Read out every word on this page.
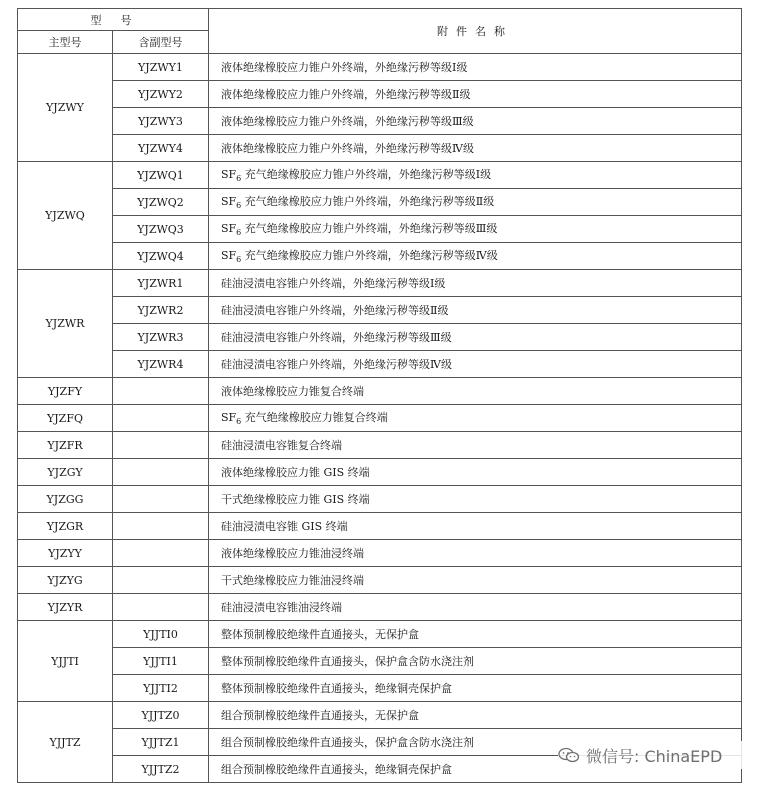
型　号		附件名称
主型号	含副型号	
YJZWY	YJZWY1	液体绝缘橡胶应力锥户外终端，外绝缘污秽等级Ⅰ级
	YJZWY2	液体绝缘橡胶应力锥户外终端，外绝缘污秽等级Ⅱ级
	YJZWY3	液体绝缘橡胶应力锥户外终端，外绝缘污秽等级Ⅲ级
	YJZWY4	液体绝缘橡胶应力锥户外终端，外绝缘污秽等级Ⅳ级
YJZWQ	YJZWQ1	$SF_6$ 充气绝缘橡胶应力锥户外终端，外绝缘污秽等级Ⅰ级
	YJZWQ2	$SF_6$ 充气绝缘橡胶应力锥户外终端，外绝缘污秽等级Ⅱ级
	YJZWQ3	$SF_6$ 充气绝缘橡胶应力锥户外终端，外绝缘污秽等级Ⅲ级
	YJZWQ4	$SF_6$ 充气绝缘橡胶应力锥户外终端，外绝缘污秽等级Ⅳ级
YJZWR	YJZWR1	硅油浸渍电容锥户外终端，外绝缘污秽等级Ⅰ级
	YJZWR2	硅油浸渍电容锥户外终端，外绝缘污秽等级Ⅱ级
	YJZWR3	硅油浸渍电容锥户外终端，外绝缘污秽等级Ⅲ级
	YJZWR4	硅油浸渍电容锥户外终端，外绝缘污秽等级Ⅳ级
YJZFY		液体绝缘橡胶应力锥复合终端
YJZFQ		$SF_6$ 充气绝缘橡胶应力锥复合终端
YJZFR		硅油浸渍电容锥复合终端
YJZGY		液体绝缘橡胶应力锥 GIS 终端
YJZGG		干式绝缘橡胶应力锥 GIS 终端
YJZGR		硅油浸渍电容锥 GIS 终端
YJZYY		液体绝缘橡胶应力锥油浸终端
YJZYG		干式绝缘橡胶应力锥油浸终端
YJZYR		硅油浸渍电容锥油浸终端
YJJTI	YJJTI0	整体预制橡胶绝缘件直通接头，无保护盒
	YJJTI1	整体预制橡胶绝缘件直通接头，保护盒含防水浇注剂
	YJJTI2	整体预制橡胶绝缘件直通接头，绝缘铜壳保护盒
YJJTZ	YJJTZ0	组合预制橡胶绝缘件直通接头，无保护盒
	YJJTZ1	组合预制橡胶绝缘件直通接头，保护盒含防水浇注剂
	YJJTZ2	组合预制橡胶绝缘件直通接头，绝缘铜壳保护盒
微信号: ChinaEPD
